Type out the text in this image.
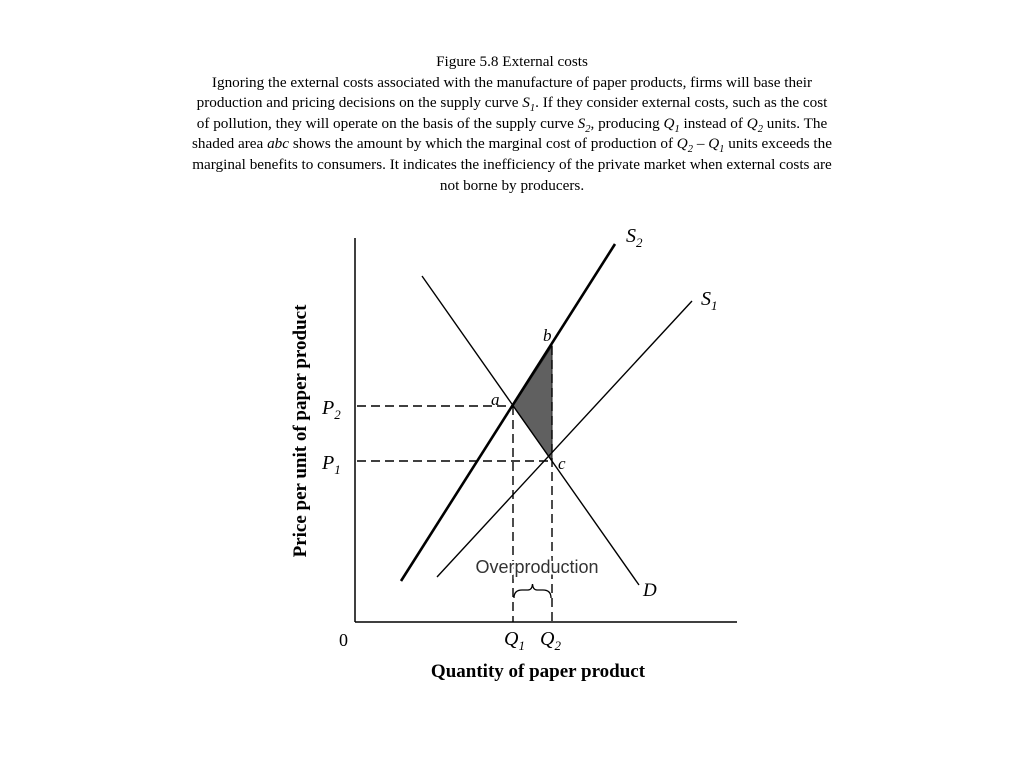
Figure 5.8 External costs
Ignoring the external costs associated with the manufacture of paper products, firms will base their production and pricing decisions on the supply curve $S_1$. If they consider external costs, such as the cost of pollution, they will operate on the basis of the supply curve $S_2$, producing $Q_1$ instead of $Q_2$ units. The shaded area abc shows the amount by which the marginal cost of production of $Q_2 - Q_1$ units exceeds the marginal benefits to consumers. It indicates the inefficiency of the private market when external costs are not borne by producers.
Overproduction
a
b
c
$S_2$
$S_1$
D
$P_2$
$P_1$
0	$Q_1$ $Q_2$
Quantity of paper product
Price per unit of paper product
